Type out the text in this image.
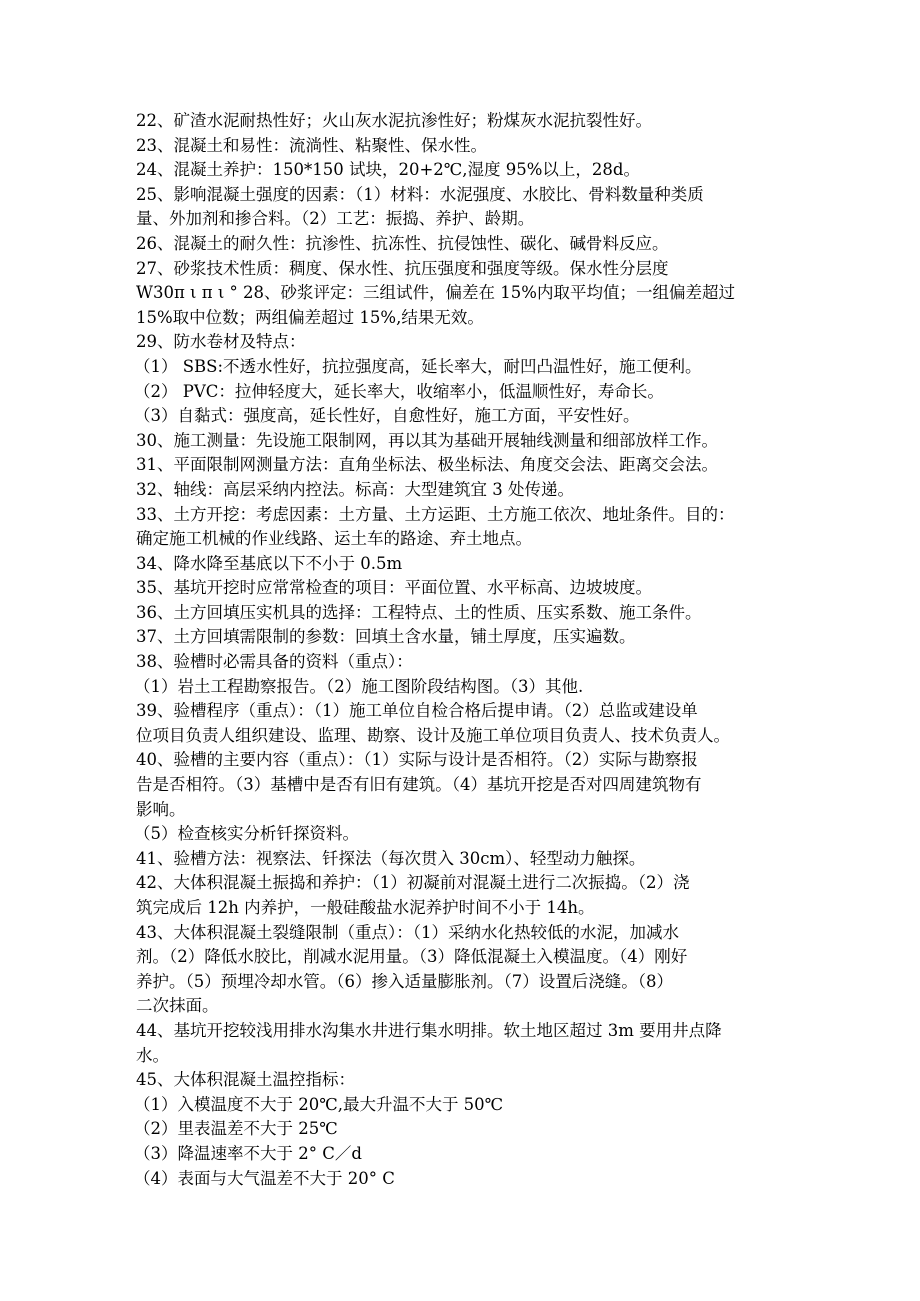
22、矿渣水泥耐热性好；火山灰水泥抗渗性好；粉煤灰水泥抗裂性好。
23、混凝土和易性：流淌性、粘聚性、保水性。
24、混凝土养护：150*150 试块，20+2℃,湿度 95%以上，28d。
25、影响混凝土强度的因素：（1）材料：水泥强度、水胶比、骨料数量种类质
量、外加剂和掺合料。（2）工艺：振捣、养护、龄期。
26、混凝土的耐久性：抗渗性、抗冻性、抗侵蚀性、碳化、碱骨料反应。
27、砂浆技术性质：稠度、保水性、抗压强度和强度等级。保水性分层度
W30π ι π ι ° 28、砂浆评定：三组试件，偏差在 15%内取平均值；一组偏差超过
15%取中位数；两组偏差超过 15%,结果无效。
29、防水卷材及特点：
（1） SBS:不透水性好，抗拉强度高，延长率大，耐凹凸温性好，施工便利。
（2） PVC：拉伸轻度大，延长率大，收缩率小，低温顺性好，寿命长。
（3）自黏式：强度高，延长性好，自愈性好，施工方面，平安性好。
30、施工测量：先设施工限制网，再以其为基础开展轴线测量和细部放样工作。
31、平面限制网测量方法：直角坐标法、极坐标法、角度交会法、距离交会法。
32、轴线：高层采纳内控法。标高：大型建筑宜 3 处传递。
33、土方开挖：考虑因素：土方量、土方运距、土方施工依次、地址条件。目的：
确定施工机械的作业线路、运土车的路途、弃土地点。
34、降水降至基底以下不小于 0.5m
35、基坑开挖时应常常检查的项目：平面位置、水平标高、边坡坡度。
36、土方回填压实机具的选择：工程特点、土的性质、压实系数、施工条件。
37、土方回填需限制的参数：回填土含水量，铺土厚度，压实遍数。
38、验槽时必需具备的资料（重点）：
（1）岩土工程勘察报告。（2）施工图阶段结构图。（3）其他.
39、验槽程序（重点）：（1）施工单位自检合格后提申请。（2）总监或建设单
位项目负责人组织建设、监理、勘察、设计及施工单位项目负责人、技术负责人。
40、验槽的主要内容（重点）：（1）实际与设计是否相符。（2）实际与勘察报
告是否相符。（3）基槽中是否有旧有建筑。（4）基坑开挖是否对四周建筑物有
影响。
（5）检查核实分析钎探资料。
41、验槽方法：视察法、钎探法（每次贯入 30cm）、轻型动力触探。
42、大体积混凝土振捣和养护：（1）初凝前对混凝土进行二次振捣。（2）浇
筑完成后 12h 内养护，一般硅酸盐水泥养护时间不小于 14h。
43、大体积混凝土裂缝限制（重点）：（1）采纳水化热较低的水泥，加减水
剂。（2）降低水胶比，削减水泥用量。（3）降低混凝土入模温度。（4）刚好
养护。（5）预埋冷却水管。（6）掺入适量膨胀剂。（7）设置后浇缝。（8）
二次抹面。
44、基坑开挖较浅用排水沟集水井进行集水明排。软土地区超过 3m 要用井点降
水。
45、大体积混凝土温控指标：
（1）入模温度不大于 20℃,最大升温不大于 50℃
（2）里表温差不大于 25℃
（3）降温速率不大于 2° C／d
（4）表面与大气温差不大于 20° C
